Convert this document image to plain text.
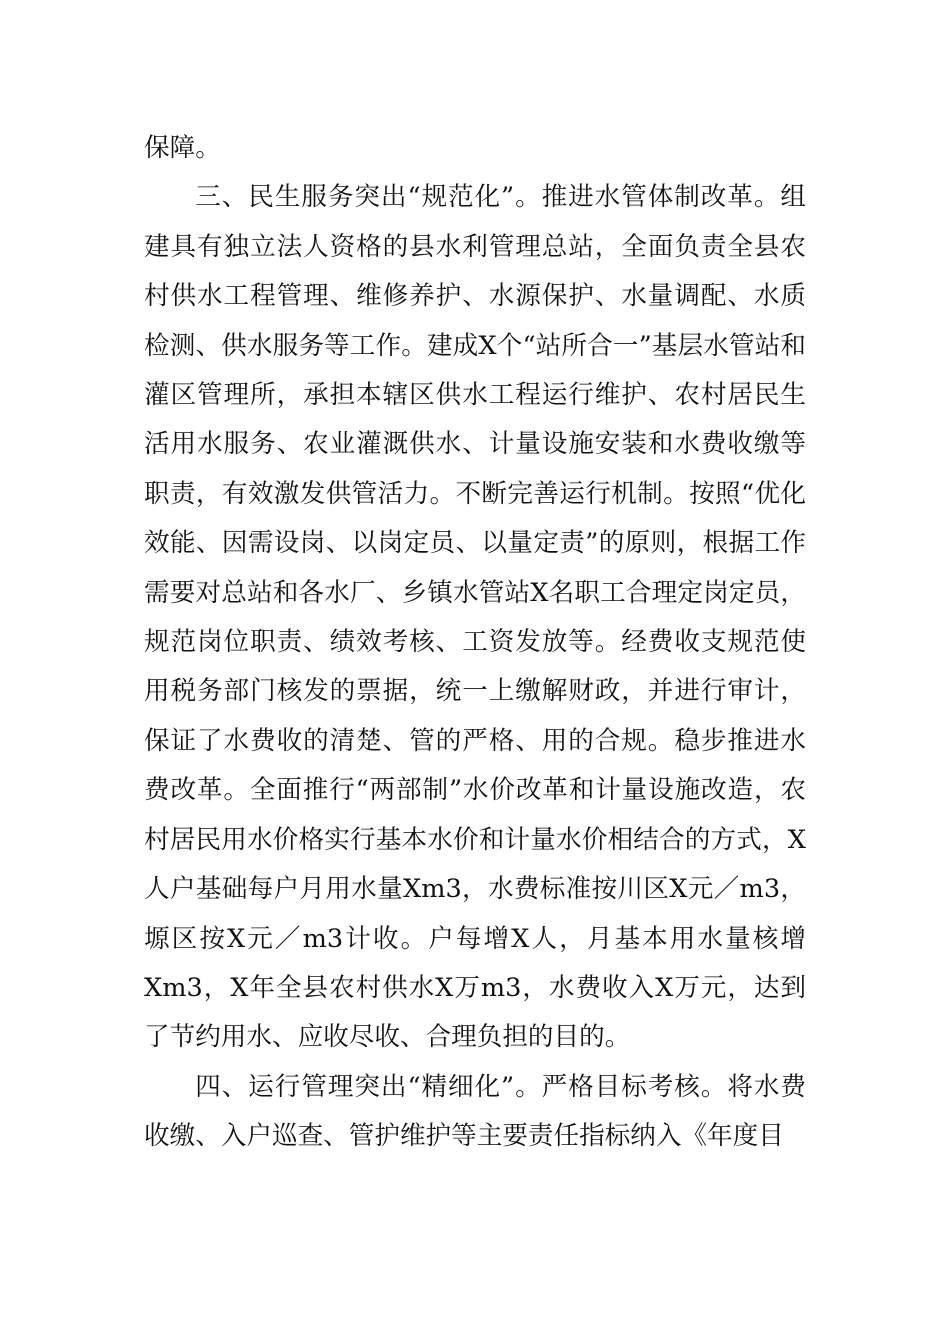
保障。

三、民生服务突出“规范化”。推进水管体制改革。组建具有独立法人资格的县水利管理总站，全面负责全县农村供水工程管理、维修养护、水源保护、水量调配、水质检测、供水服务等工作。建成X个“站所合一”基层水管站和灌区管理所，承担本辖区供水工程运行维护、农村居民生活用水服务、农业灌溉供水、计量设施安装和水费收缴等职责，有效激发供管活力。不断完善运行机制。按照“优化效能、因需设岗、以岗定员、以量定责”的原则，根据工作需要对总站和各水厂、乡镇水管站X名职工合理定岗定员，规范岗位职责、绩效考核、工资发放等。经费收支规范使用税务部门核发的票据，统一上缴解财政，并进行审计，保证了水费收的清楚、管的严格、用的合规。稳步推进水费改革。全面推行“两部制”水价改革和计量设施改造，农村居民用水价格实行基本水价和计量水价相结合的方式，X人户基础每户月用水量Xm3，水费标准按川区X元／m3，塬区按X元／m3计收。户每增X人，月基本用水量核增Xm3，X年全县农村供水X万m3，水费收入X万元，达到了节约用水、应收尽收、合理负担的目的。

四、运行管理突出“精细化”。严格目标考核。将水费收缴、入户巡查、管护维护等主要责任指标纳入《年度目
